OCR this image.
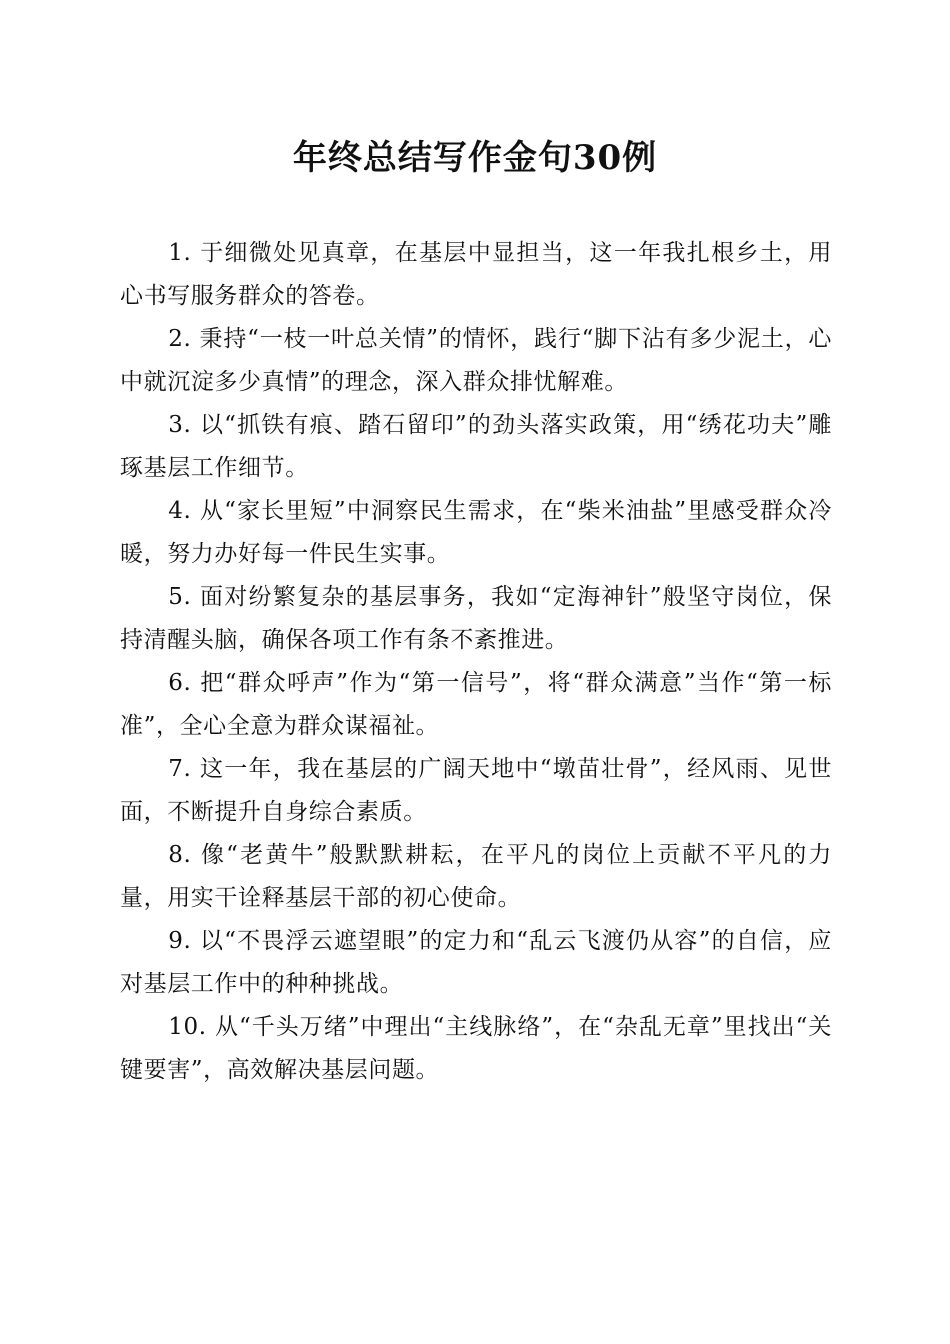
年终总结写作金句30例

1. 于细微处见真章，在基层中显担当，这一年我扎根乡土，用心书写服务群众的答卷。

2. 秉持“一枝一叶总关情”的情怀，践行“脚下沾有多少泥土，心中就沉淀多少真情”的理念，深入群众排忧解难。

3. 以“抓铁有痕、踏石留印”的劲头落实政策，用“绣花功夫”雕琢基层工作细节。

4. 从“家长里短”中洞察民生需求，在“柴米油盐”里感受群众冷暖，努力办好每一件民生实事。

5. 面对纷繁复杂的基层事务，我如“定海神针”般坚守岗位，保持清醒头脑，确保各项工作有条不紊推进。

6. 把“群众呼声”作为“第一信号”，将“群众满意”当作“第一标准”，全心全意为群众谋福祉。

7. 这一年，我在基层的广阔天地中“墩苗壮骨”，经风雨、见世面，不断提升自身综合素质。

8. 像“老黄牛”般默默耕耘，在平凡的岗位上贡献不平凡的力量，用实干诠释基层干部的初心使命。

9. 以“不畏浮云遮望眼”的定力和“乱云飞渡仍从容”的自信，应对基层工作中的种种挑战。

10. 从“千头万绪”中理出“主线脉络”，在“杂乱无章”里找出“关键要害”，高效解决基层问题。
